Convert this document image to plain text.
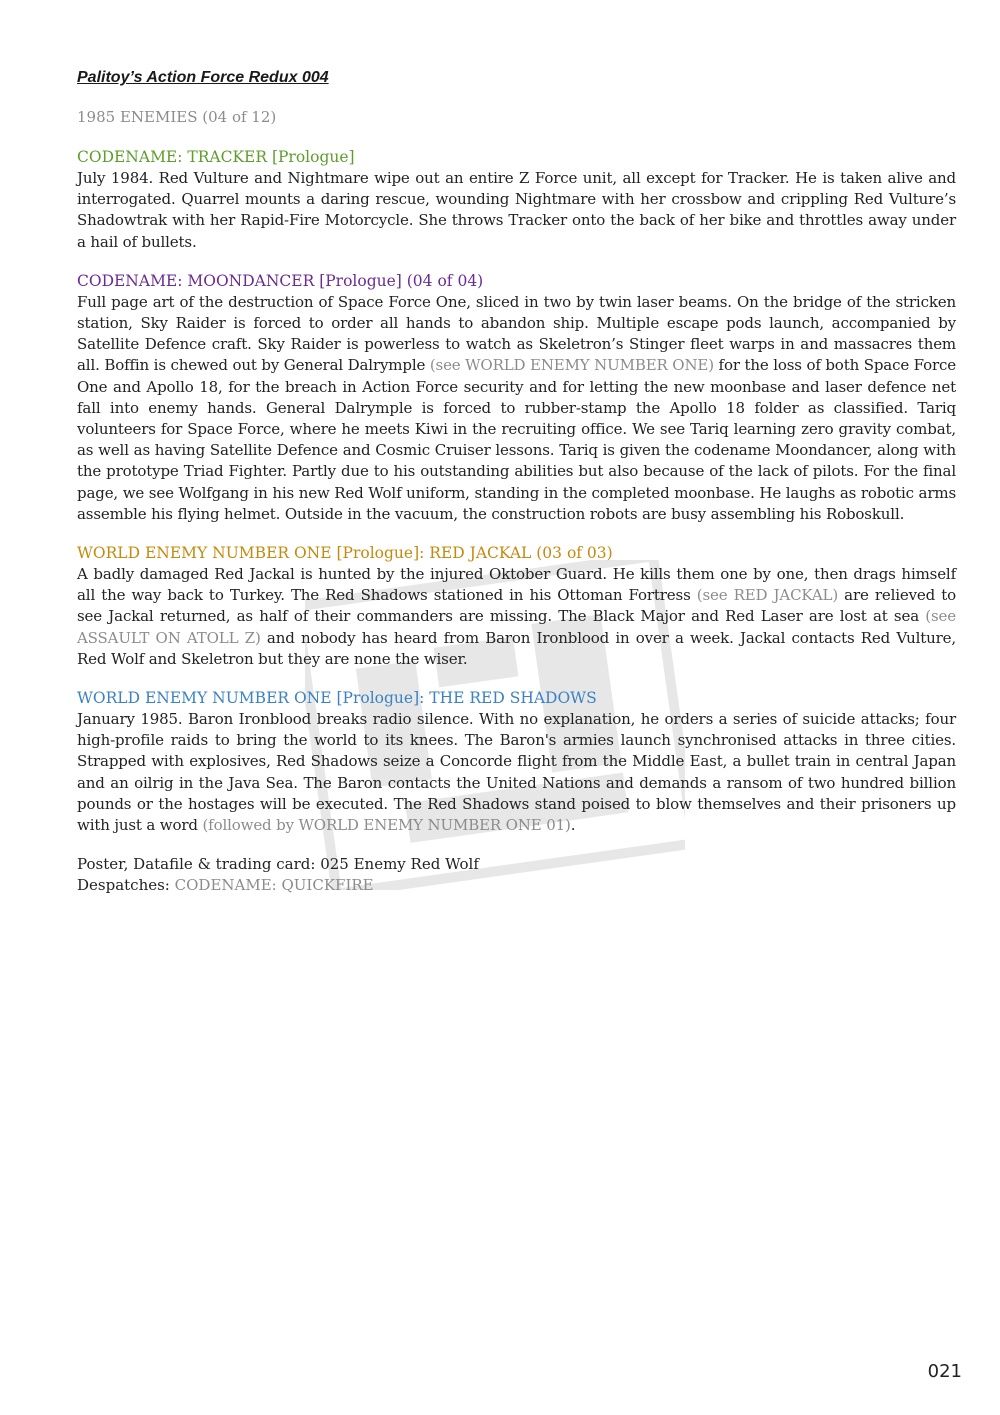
Palitoy’s Action Force Redux 004
1985 ENEMIES (04 of 12)
CODENAME: TRACKER [Prologue]
July 1984. Red Vulture and Nightmare wipe out an entire Z Force unit, all except for Tracker. He is taken alive and interrogated. Quarrel mounts a daring rescue, wounding Nightmare with her crossbow and crippling Red Vulture’s Shadowtrak with her Rapid-Fire Motorcycle. She throws Tracker onto the back of her bike and throttles away under a hail of bullets.
CODENAME: MOONDANCER [Prologue] (04 of 04)
Full page art of the destruction of Space Force One, sliced in two by twin laser beams. On the bridge of the stricken station, Sky Raider is forced to order all hands to abandon ship. Multiple escape pods launch, accompanied by Satellite Defence craft. Sky Raider is powerless to watch as Skeletron’s Stinger fleet warps in and massacres them all. Boffin is chewed out by General Dalrymple (see WORLD ENEMY NUMBER ONE) for the loss of both Space Force One and Apollo 18, for the breach in Action Force security and for letting the new moonbase and laser defence net fall into enemy hands. General Dalrymple is forced to rubber-stamp the Apollo 18 folder as classified. Tariq volunteers for Space Force, where he meets Kiwi in the recruiting office. We see Tariq learning zero gravity combat, as well as having Satellite Defence and Cosmic Cruiser lessons. Tariq is given the codename Moondancer, along with the prototype Triad Fighter. Partly due to his outstanding abilities but also because of the lack of pilots. For the final page, we see Wolfgang in his new Red Wolf uniform, standing in the completed moonbase. He laughs as robotic arms assemble his flying helmet. Outside in the vacuum, the construction robots are busy assembling his Roboskull.
WORLD ENEMY NUMBER ONE [Prologue]: RED JACKAL (03 of 03)
A badly damaged Red Jackal is hunted by the injured Oktober Guard. He kills them one by one, then drags himself all the way back to Turkey. The Red Shadows stationed in his Ottoman Fortress (see RED JACKAL) are relieved to see Jackal returned, as half of their commanders are missing. The Black Major and Red Laser are lost at sea (see ASSAULT ON ATOLL Z) and nobody has heard from Baron Ironblood in over a week. Jackal contacts Red Vulture, Red Wolf and Skeletron but they are none the wiser.
WORLD ENEMY NUMBER ONE [Prologue]: THE RED SHADOWS
January 1985. Baron Ironblood breaks radio silence. With no explanation, he orders a series of suicide attacks; four high-profile raids to bring the world to its knees. The Baron's armies launch synchronised attacks in three cities. Strapped with explosives, Red Shadows seize a Concorde flight from the Middle East, a bullet train in central Japan and an oilrig in the Java Sea. The Baron contacts the United Nations and demands a ransom of two hundred billion pounds or the hostages will be executed. The Red Shadows stand poised to blow themselves and their prisoners up with just a word (followed by WORLD ENEMY NUMBER ONE 01).
Poster, Datafile & trading card: 025 Enemy Red Wolf
Despatches: CODENAME: QUICKFIRE
021
